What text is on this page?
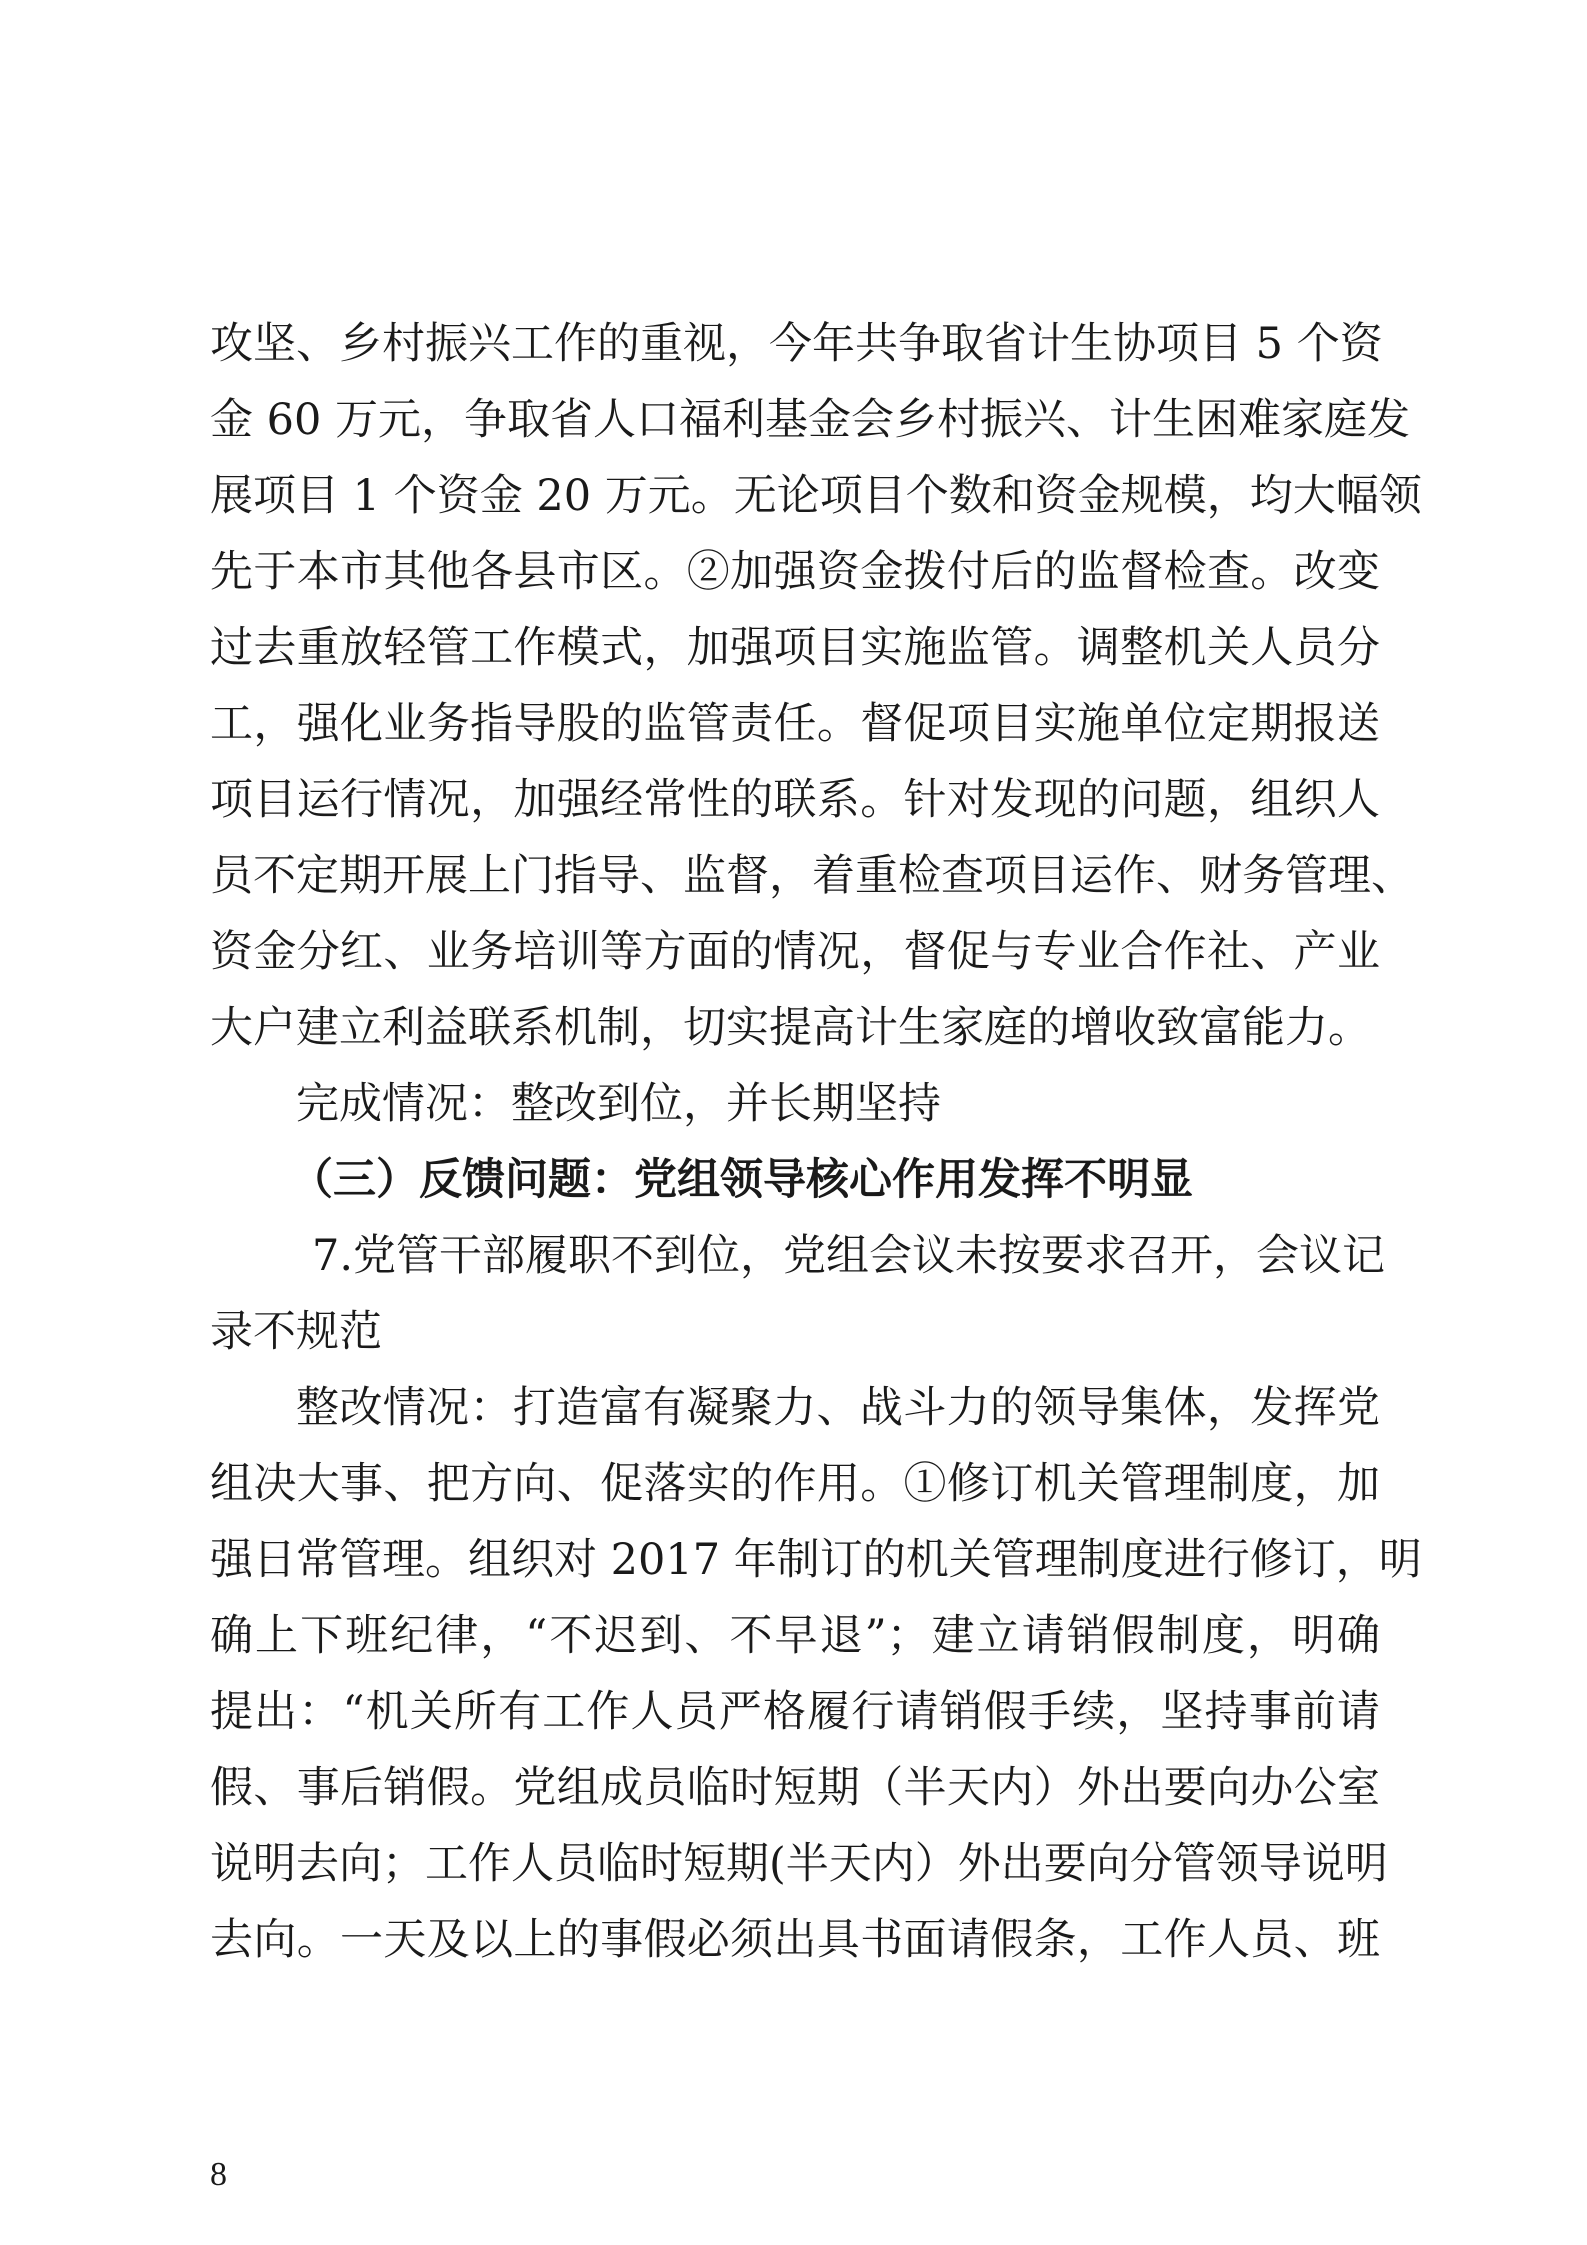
攻坚、乡村振兴工作的重视，今年共争取省计生协项目 5 个资
金 60 万元，争取省人口福利基金会乡村振兴、计生困难家庭发
展项目 1 个资金 20 万元。无论项目个数和资金规模，均大幅领
先于本市其他各县市区。②加强资金拨付后的监督检查。改变
过去重放轻管工作模式，加强项目实施监管。调整机关人员分
工，强化业务指导股的监管责任。督促项目实施单位定期报送
项目运行情况，加强经常性的联系。针对发现的问题，组织人
员不定期开展上门指导、监督，着重检查项目运作、财务管理、
资金分红、业务培训等方面的情况，督促与专业合作社、产业
大户建立利益联系机制，切实提高计生家庭的增收致富能力。
完成情况：整改到位，并长期坚持
（三）反馈问题：党组领导核心作用发挥不明显
7.党管干部履职不到位，党组会议未按要求召开，会议记
录不规范
整改情况：打造富有凝聚力、战斗力的领导集体，发挥党
组决大事、把方向、促落实的作用。①修订机关管理制度，加
强日常管理。组织对 2017 年制订的机关管理制度进行修订，明
确上下班纪律，“不迟到、不早退”；建立请销假制度，明确
提出：“机关所有工作人员严格履行请销假手续，坚持事前请
假、事后销假。党组成员临时短期（半天内）外出要向办公室
说明去向；工作人员临时短期(半天内）外出要向分管领导说明
去向。一天及以上的事假必须出具书面请假条，工作人员、班
8
